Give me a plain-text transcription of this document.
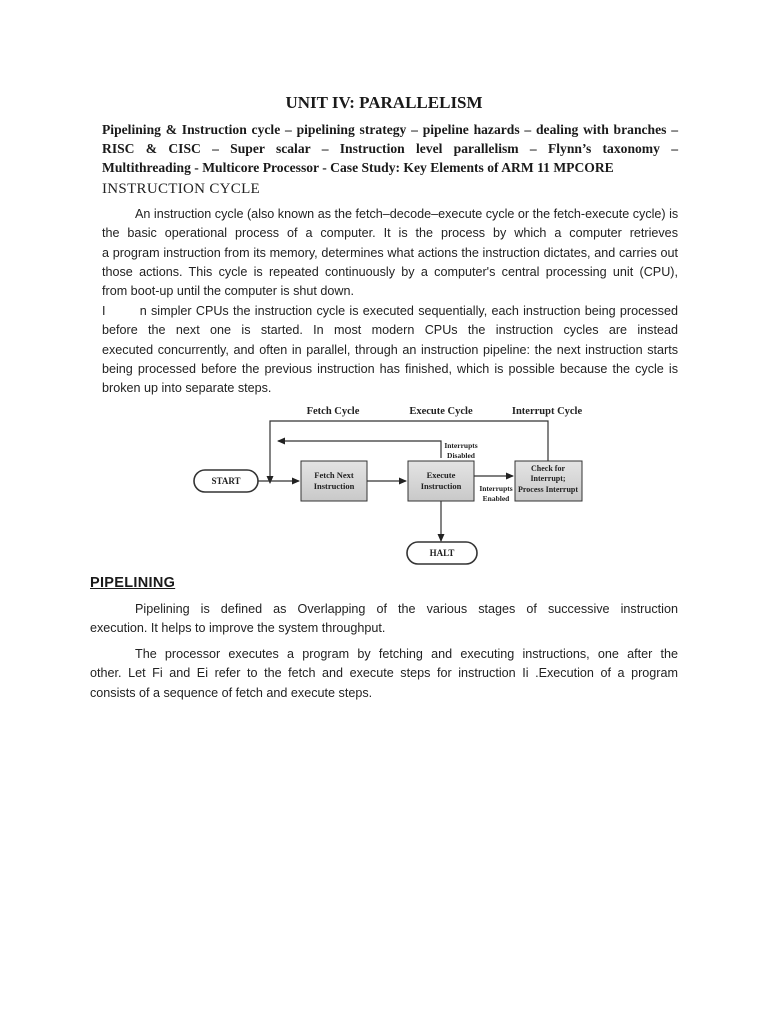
UNIT IV: PARALLELISM
Pipelining & Instruction cycle – pipelining strategy – pipeline hazards – dealing with branches –
RISC & CISC – Super scalar – Instruction level parallelism – Flynn’s taxonomy –
Multithreading - Multicore Processor - Case Study: Key Elements of ARM 11 MPCORE
INSTRUCTION CYCLE
An instruction cycle (also known as the fetch–decode–execute cycle or the fetch-execute cycle) is
the basic operational process of a computer. It is the process by which a computer retrieves
a program instruction from its memory, determines what actions the instruction dictates, and carries out
those actions. This cycle is repeated continuously by a computer's central processing unit (CPU),
from boot-up until the computer is shut down.
I        n simpler CPUs the instruction cycle is executed sequentially, each instruction being processed
before the next one is started. In most modern CPUs the instruction cycles are instead
executed concurrently, and often in parallel, through an instruction pipeline: the next instruction starts
being processed before the previous instruction has finished, which is possible because the cycle is
broken up into separate steps.
Fetch Cycle	Execute Cycle	Interrupt Cycle
START
Fetch Next
Instruction
Execute
Instruction
Interrupts
Disabled
Interrupts
Enabled
Check for
Interrupt;
Process Interrupt
HALT
PIPELINING
Pipelining is defined as Overlapping of the various stages of successive instruction
execution. It helps to improve the system throughput.
The processor executes a program by fetching and executing instructions, one after the
other. Let Fi and Ei refer to the fetch and execute steps for instruction Ii .Execution of a program
consists of a sequence of fetch and execute steps.
